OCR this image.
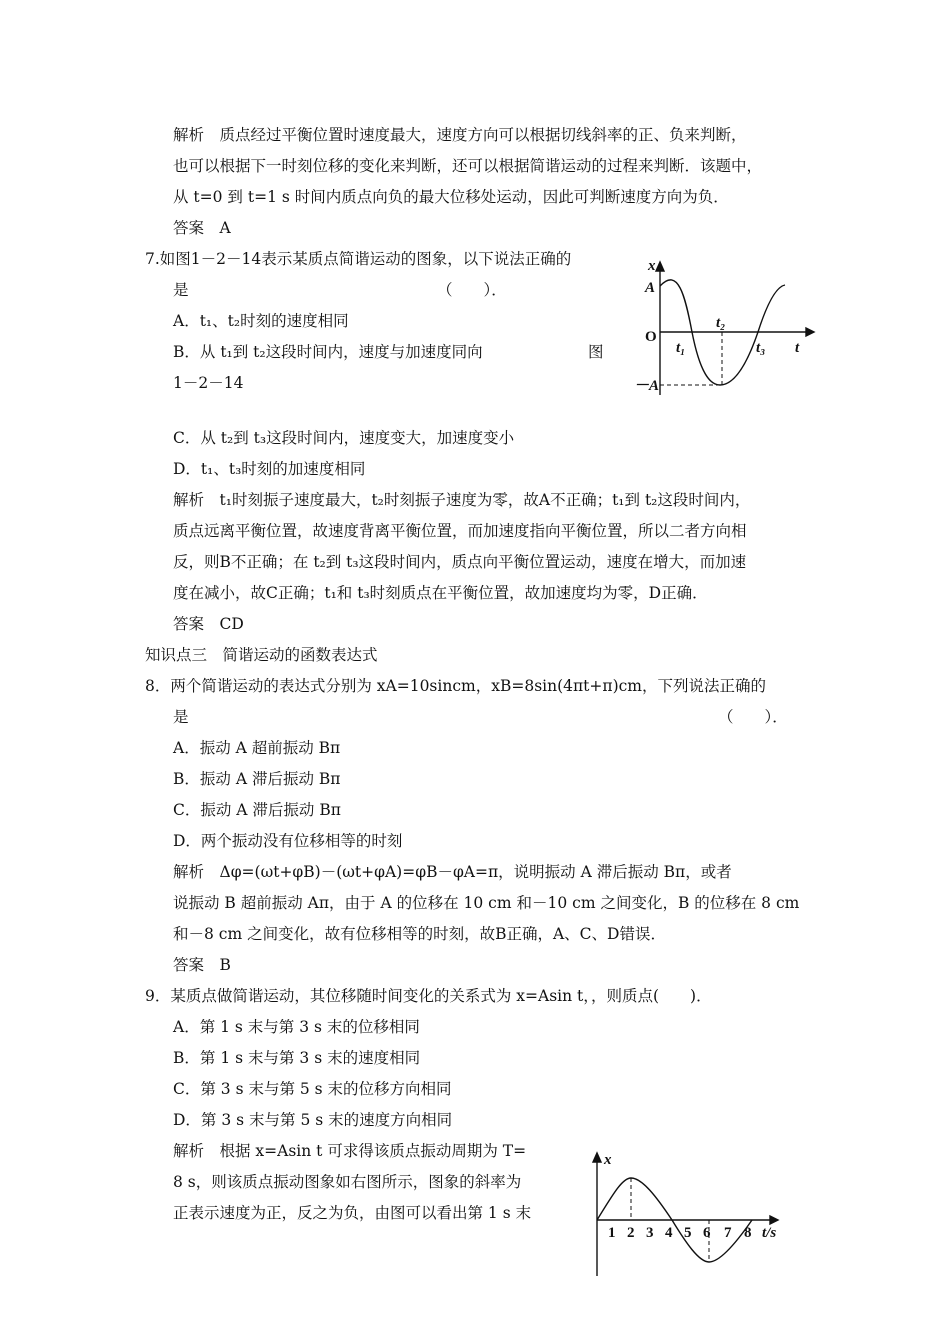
解析　质点经过平衡位置时速度最大，速度方向可以根据切线斜率的正、负来判断，
也可以根据下一时刻位移的变化来判断，还可以根据简谐运动的过程来判断．该题中，
从 t=0 到 t=1 s 时间内质点向负的最大位移处运动，因此可判断速度方向为负．
答案　A
7.如图1－2－14表示某质点简谐运动的图象，以下说法正确的
是	（　　）．
A．t₁、t₂时刻的速度相同
B．从 t₁到 t₂这段时间内，速度与加速度同向	图
1－2－14
C．从 t₂到 t₃这段时间内，速度变大，加速度变小
D．t₁、t₃时刻的加速度相同
解析　t₁时刻振子速度最大，t₂时刻振子速度为零，故A不正确；t₁到 t₂这段时间内，
质点远离平衡位置，故速度背离平衡位置，而加速度指向平衡位置，所以二者方向相
反，则B不正确；在 t₂到 t₃这段时间内，质点向平衡位置运动，速度在增大，而加速
度在减小，故C正确；t₁和 t₃时刻质点在平衡位置，故加速度均为零，D正确．
答案　CD
知识点三　简谐运动的函数表达式
8．两个简谐运动的表达式分别为 xA=10sincm，xB=8sin(4πt+π)cm，下列说法正确的
是	（　　）．
A．振动 A 超前振动 Bπ
B．振动 A 滞后振动 Bπ
C．振动 A 滞后振动 Bπ
D．两个振动没有位移相等的时刻
解析　Δφ=(ωt+φB)－(ωt+φA)=φB－φA=π，说明振动 A 滞后振动 Bπ，或者
说振动 B 超前振动 Aπ，由于 A 的位移在 10 cm 和－10 cm 之间变化，B 的位移在 8 cm
和－8 cm 之间变化，故有位移相等的时刻，故B正确，A、C、D错误．
答案　B
9．某质点做简谐运动，其位移随时间变化的关系式为 x=Asin t，，则质点(　　)．
A．第 1 s 末与第 3 s 末的位移相同
B．第 1 s 末与第 3 s 末的速度相同
C．第 3 s 末与第 5 s 末的位移方向相同
D．第 3 s 末与第 5 s 末的速度方向相同
解析　根据 x=Asin t 可求得该质点振动周期为 T=
8 s，则该质点振动图象如右图所示，图象的斜率为
正表示速度为正，反之为负，由图可以看出第 1 s 末
x
A
O
t₂
t₁	t₃ t
－A
x
1 2 3 4 5 6 7 8 t/s
